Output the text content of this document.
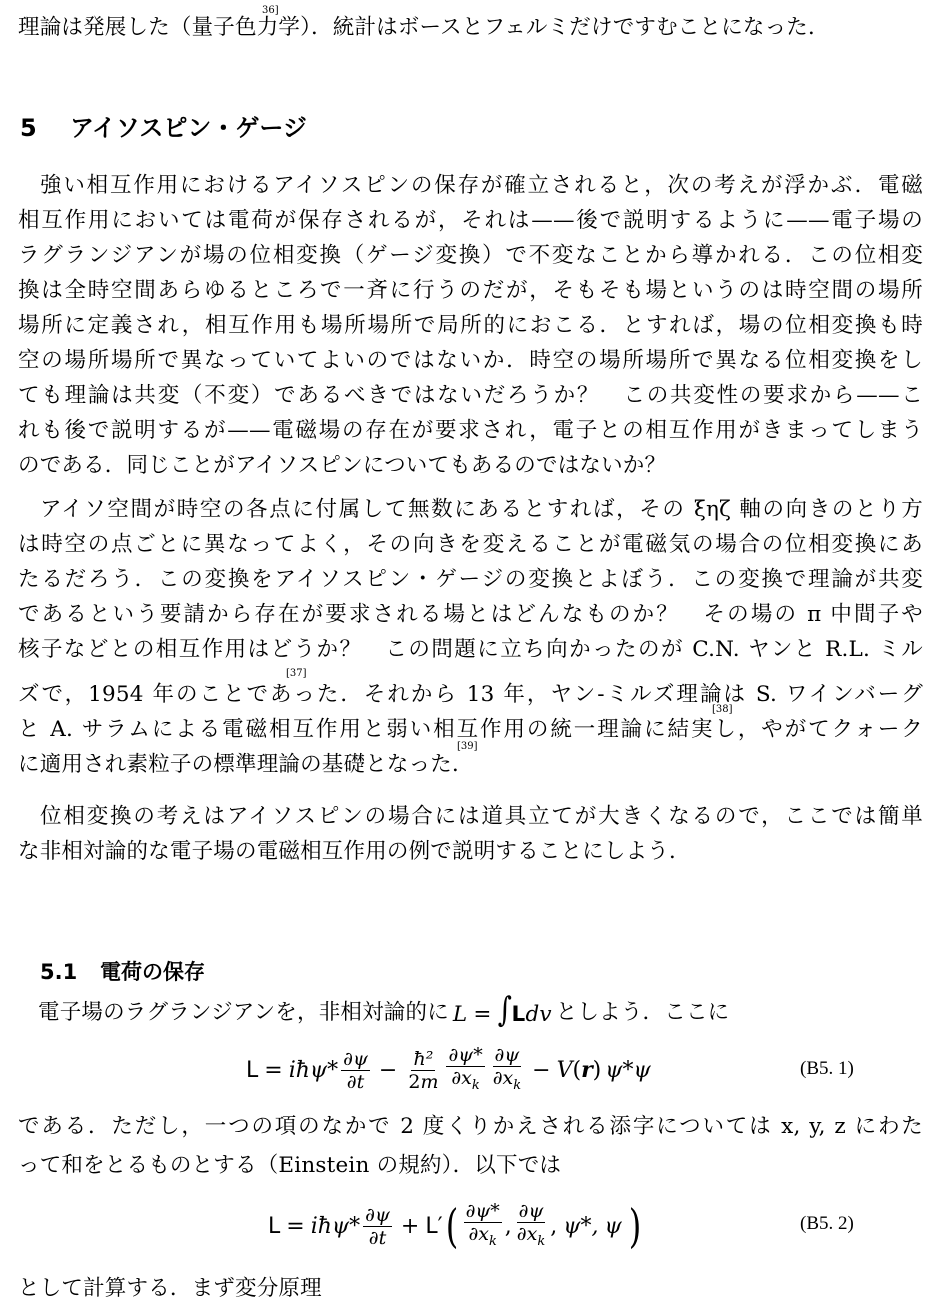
理論は発展した（量子色力学）．統計はボースとフェルミだけですむことになった．
36]
5 アイソスピン・ゲージ
強い相互作用におけるアイソスピンの保存が確立されると，次の考えが浮かぶ．電磁
相互作用においては電荷が保存されるが，それは——後で説明するように——電子場の
ラグランジアンが場の位相変換（ゲージ変換）で不変なことから導かれる．この位相変
換は全時空間あらゆるところで一斉に行うのだが，そもそも場というのは時空間の場所
場所に定義され，相互作用も場所場所で局所的におこる．とすれば，場の位相変換も時
空の場所場所で異なっていてよいのではないか．時空の場所場所で異なる位相変換をし
ても理論は共変（不変）であるべきではないだろうか？　この共変性の要求から——こ
れも後で説明するが——電磁場の存在が要求され，電子との相互作用がきまってしまう
のである．同じことがアイソスピンについてもあるのではないか？
アイソ空間が時空の各点に付属して無数にあるとすれば，その ξηζ 軸の向きのとり方
は時空の点ごとに異なってよく，その向きを変えることが電磁気の場合の位相変換にあ
たるだろう．この変換をアイソスピン・ゲージの変換とよぼう．この変換で理論が共変
であるという要請から存在が要求される場とはどんなものか？　その場の π 中間子や
核子などとの相互作用はどうか？　この問題に立ち向かったのが C.N. ヤンと R.L. ミル
ズで，1954 年のことであった．それから 13 年，ヤン‐ミルズ理論は S. ワインバーグ
[37]
と A. サラムによる電磁相互作用と弱い相互作用の統一理論に結実し，やがてクォーク
[38]
に適用され素粒子の標準理論の基礎となった．
[39]
位相変換の考えはアイソスピンの場合には道具立てが大きくなるので，ここでは簡単
な非相対論的な電子場の電磁相互作用の例で説明することにしよう．
5.1 電荷の保存
電子場のラグランジアンを，非相対論的に L = ∫Ldv としよう．ここに
L = iħψ* $\frac{\partial\psi}{\partial t} - \frac{\text{ħ²}}{2m} \frac{\partial\psi*}{\partial x_k} \frac{\partial\psi}{\partial x_k} - V$ (r) ψ*ψ	(B5. 1)
である．ただし，一つの項のなかで 2 度くりかえされる添字については x, y, z にわた
って和をとるものとする（Einstein の規約）．以下では
L = iħψ* $\frac{\partial\psi}{\partial t} + L'$ ( $\frac{\partial\psi*}{\partial x_k}$ , $\frac{\partial\psi}{\partial x_k}$ , ψ*, ψ )	(B5. 2)
として計算する．まず変分原理
